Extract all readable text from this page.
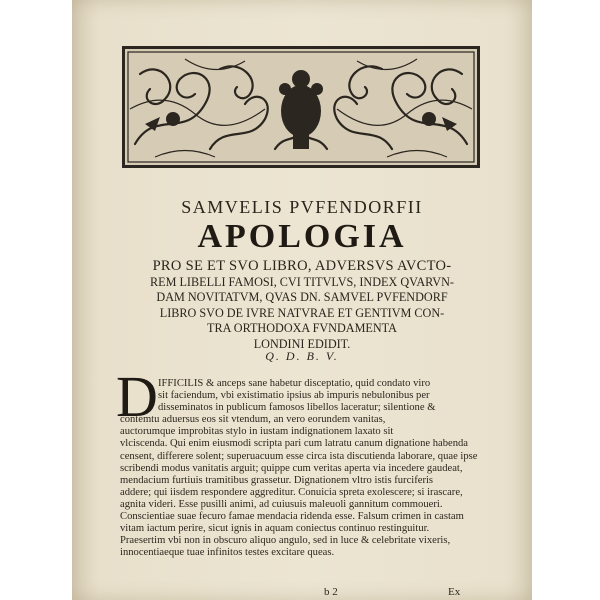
SAMVELIS PVFENDORFII
APOLOGIA
PRO SE ET SVO LIBRO, ADVERSVS AVCTO-
REM LIBELLI FAMOSI, CVI TITVLVS, INDEX QVARVN-
DAM NOVITATVM, QVAS DN. SAMVEL PVFENDORF
LIBRO SVO DE IVRE NATVRAE ET GENTIVM CON-
TRA ORTHODOXA FVNDAMENTA
LONDINI EDIDIT.
Q. D. B. V.
D IFFICILIS & anceps sane habetur disceptatio, quid condato viro
sit faciendum, vbi existimatio ipsius ab impuris nebulonibus per
disseminatos in publicum famosos libellos laceratur; silentione &
contemtu aduersus eos sit vtendum, an vero eorundem vanitas,
auctorumque improbitas stylo in iustam indignationem laxato sit
vlciscenda. Qui enim eiusmodi scripta pari cum latratu canum dignatione habenda
censent, differere solent; superuacuum esse circa ista discutienda laborare, quae ipse
scribendi modus vanitatis arguit; quippe cum veritas aperta via incedere gaudeat,
mendacium furtiuis tramitibus grassetur. Dignationem vltro istis furciferis
addere; qui iisdem respondere aggreditur. Conuicia spreta exolescere; si irascare,
agnita videri. Esse pusilli animi, ad cuiusuis maleuoli gannitum commoueri.
Conscientiae suae fecuro famae mendacia ridenda esse. Falsum crimen in castam
vitam iactum perire, sicut ignis in aquam coniectus continuo restinguitur.
Praesertim vbi non in obscuro aliquo angulo, sed in luce & celebritate vixeris,
innocentiaeque tuae infinitos testes excitare queas.
b 2	Ex
